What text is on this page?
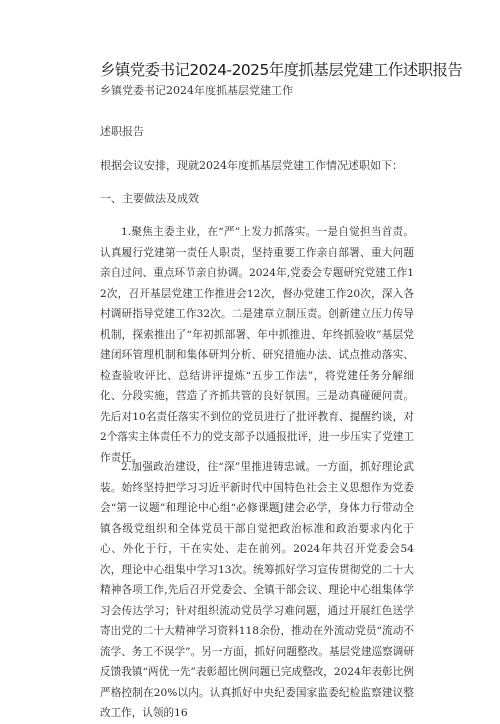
乡镇党委书记2024-2025年度抓基层党建工作述职报告
乡镇党委书记2024年度抓基层党建工作
述职报告
根据会议安排，现就2024年度抓基层党建工作情况述职如下：
一、主要做法及成效
1.聚焦主委主业，在“严”上发力抓落实。一是自觉担当首责。认真履行党建第一责任人职责，坚持重要工作亲自部署、重大问题亲自过问、重点环节亲自协调。2024年,党委会专题研究党建工作12次，召开基层党建工作推进会12次，督办党建工作20次，深入各村调研指导党建工作32次。二是建章立制压责。创新建立压力传导机制，探索推出了“年初抓部署、年中抓推进、年终抓验收”基层党建闭环管理机制和集体研判分析、研究措施办法、试点推动落实、检查验收评比、总结讲评提炼“五步工作法”，将党建任务分解细化、分段实施，营造了齐抓共管的良好氛围。三是动真碰硬问责。先后对10名责任落实不到位的党员进行了批评教育、提醒约谈，对2个落实主体责任不力的党支部予以通报批评，进一步压实了党建工作责任。
2.加强政治建设，往“深”里推进铸忠诚。一方面，抓好理论武装。始终坚持把学习习近平新时代中国特色社会主义思想作为党委会“第一议题”和理论中心组“必修课题J建会必学，身体力行带动全镇各级党组织和全体党员干部自觉把政治标准和政治要求内化于心、外化于行，干在实处、走在前列。2024年共召开党委会54次，理论中心组集中学习13次。统筹抓好学习宣传贯彻党的二十大精神各项工作,先后召开党委会、全镇干部会议、理论中心组集体学习会传达学习；针对组织流动党员学习难问题，通过开展红色送学寄出党的二十大精神学习资料118余份，推动在外流动党员“流动不流学、务工不误学”。另一方面，抓好问题整改。基层党建巡察调研反馈我镇“两优一先”表彰超比例问题已完成整改，2024年表彰比例严格控制在20%以内。认真抓好中央纪委国家监委纪检监察建议整改工作，认领的16
